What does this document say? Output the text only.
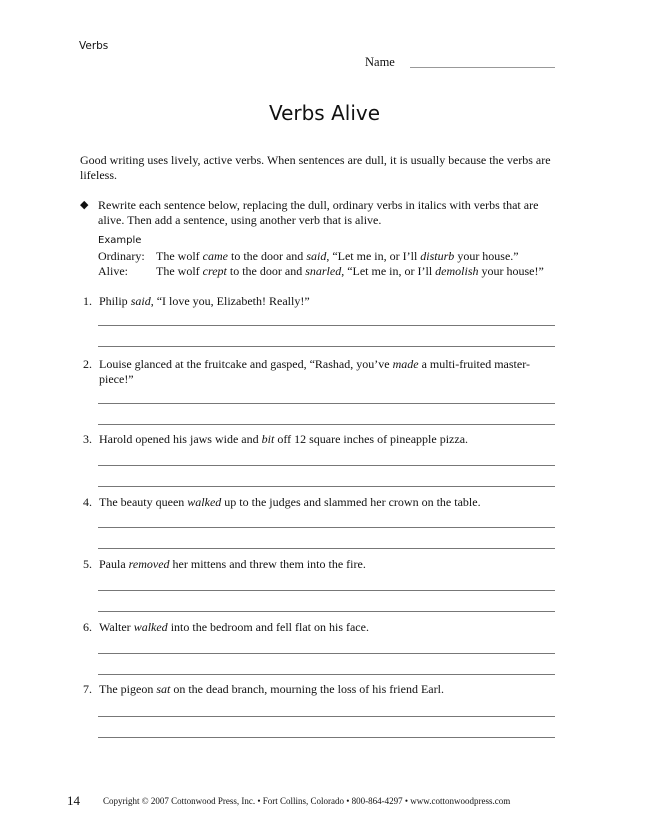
Verbs
Name
Verbs Alive
Good writing uses lively, active verbs. When sentences are dull, it is usually because the verbs are lifeless.
◆ Rewrite each sentence below, replacing the dull, ordinary verbs in italics with verbs that are alive. Then add a sentence, using another verb that is alive.
Example
Ordinary: The wolf came to the door and said, “Let me in, or I’ll disturb your house.”
Alive: The wolf crept to the door and snarled, “Let me in, or I’ll demolish your house!”
1. Philip said, “I love you, Elizabeth! Really!”
2. Louise glanced at the fruitcake and gasped, “Rashad, you’ve made a multi-fruited master-piece!”
3. Harold opened his jaws wide and bit off 12 square inches of pineapple pizza.
4. The beauty queen walked up to the judges and slammed her crown on the table.
5. Paula removed her mittens and threw them into the fire.
6. Walter walked into the bedroom and fell flat on his face.
7. The pigeon sat on the dead branch, mourning the loss of his friend Earl.
14	Copyright © 2007 Cottonwood Press, Inc. • Fort Collins, Colorado • 800-864-4297 • www.cottonwoodpress.com
